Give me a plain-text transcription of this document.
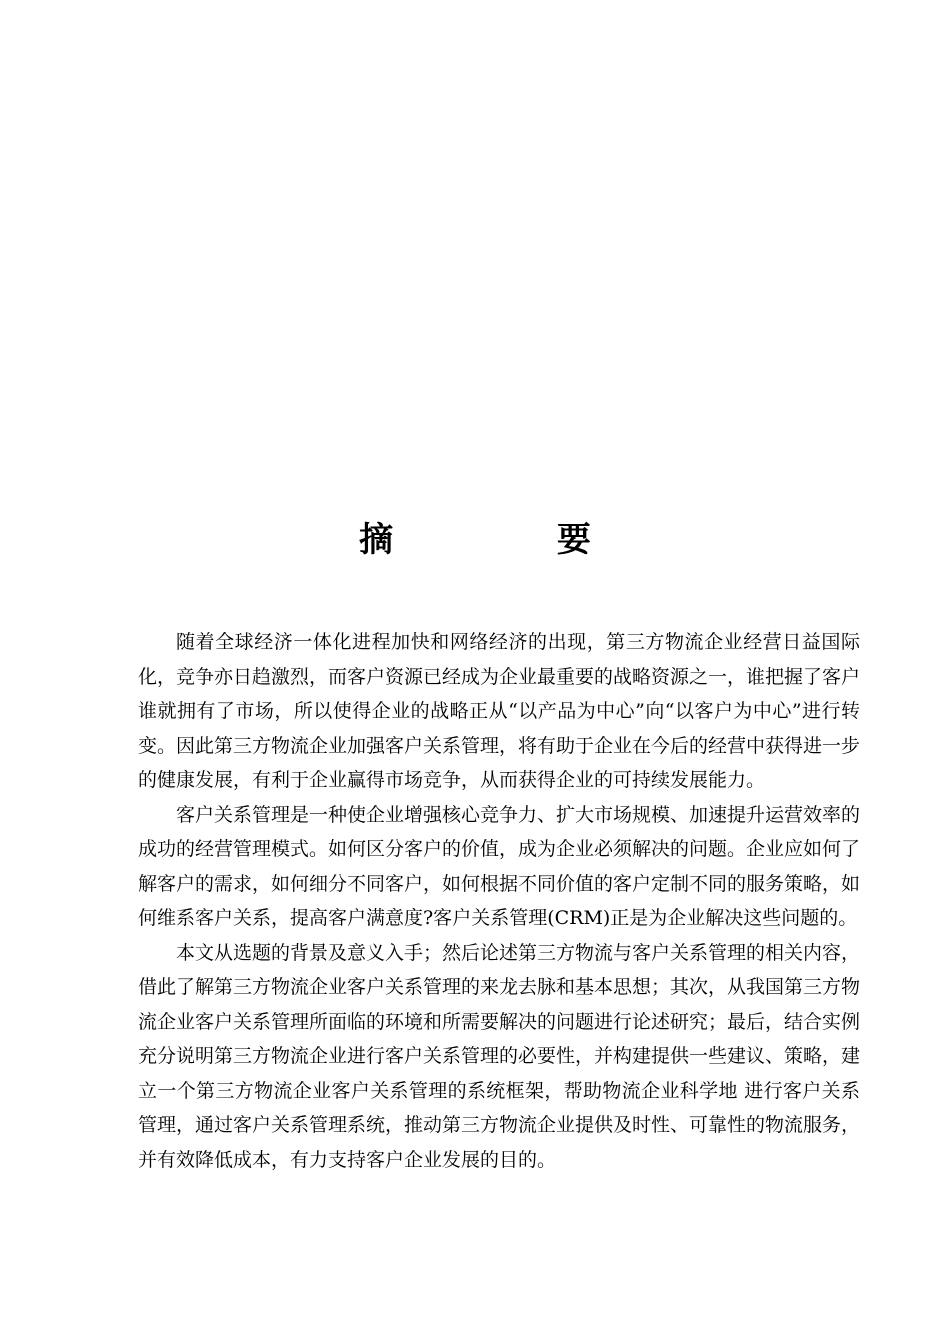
摘 要

随着全球经济一体化进程加快和网络经济的出现，第三方物流企业经营日益国际化，竞争亦日趋激烈，而客户资源已经成为企业最重要的战略资源之一，谁把握了客户谁就拥有了市场，所以使得企业的战略正从“以产品为中心”向“以客户为中心”进行转变。因此第三方物流企业加强客户关系管理，将有助于企业在今后的经营中获得进一步的健康发展，有利于企业赢得市场竞争，从而获得企业的可持续发展能力。

客户关系管理是一种使企业增强核心竞争力、扩大市场规模、加速提升运营效率的成功的经营管理模式。如何区分客户的价值，成为企业必须解决的问题。企业应如何了解客户的需求，如何细分不同客户，如何根据不同价值的客户定制不同的服务策略，如何维系客户关系，提高客户满意度?客户关系管理(CRM)正是为企业解决这些问题的。

本文从选题的背景及意义入手；然后论述第三方物流与客户关系管理的相关内容，借此了解第三方物流企业客户关系管理的来龙去脉和基本思想；其次，从我国第三方物流企业客户关系管理所面临的环境和所需要解决的问题进行论述研究；最后，结合实例充分说明第三方物流企业进行客户关系管理的必要性，并构建提供一些建议、策略，建立一个第三方物流企业客户关系管理的系统框架，帮助物流企业科学地 进行客户关系管理，通过客户关系管理系统，推动第三方物流企业提供及时性、可靠性的物流服务，并有效降低成本，有力支持客户企业发展的目的。
